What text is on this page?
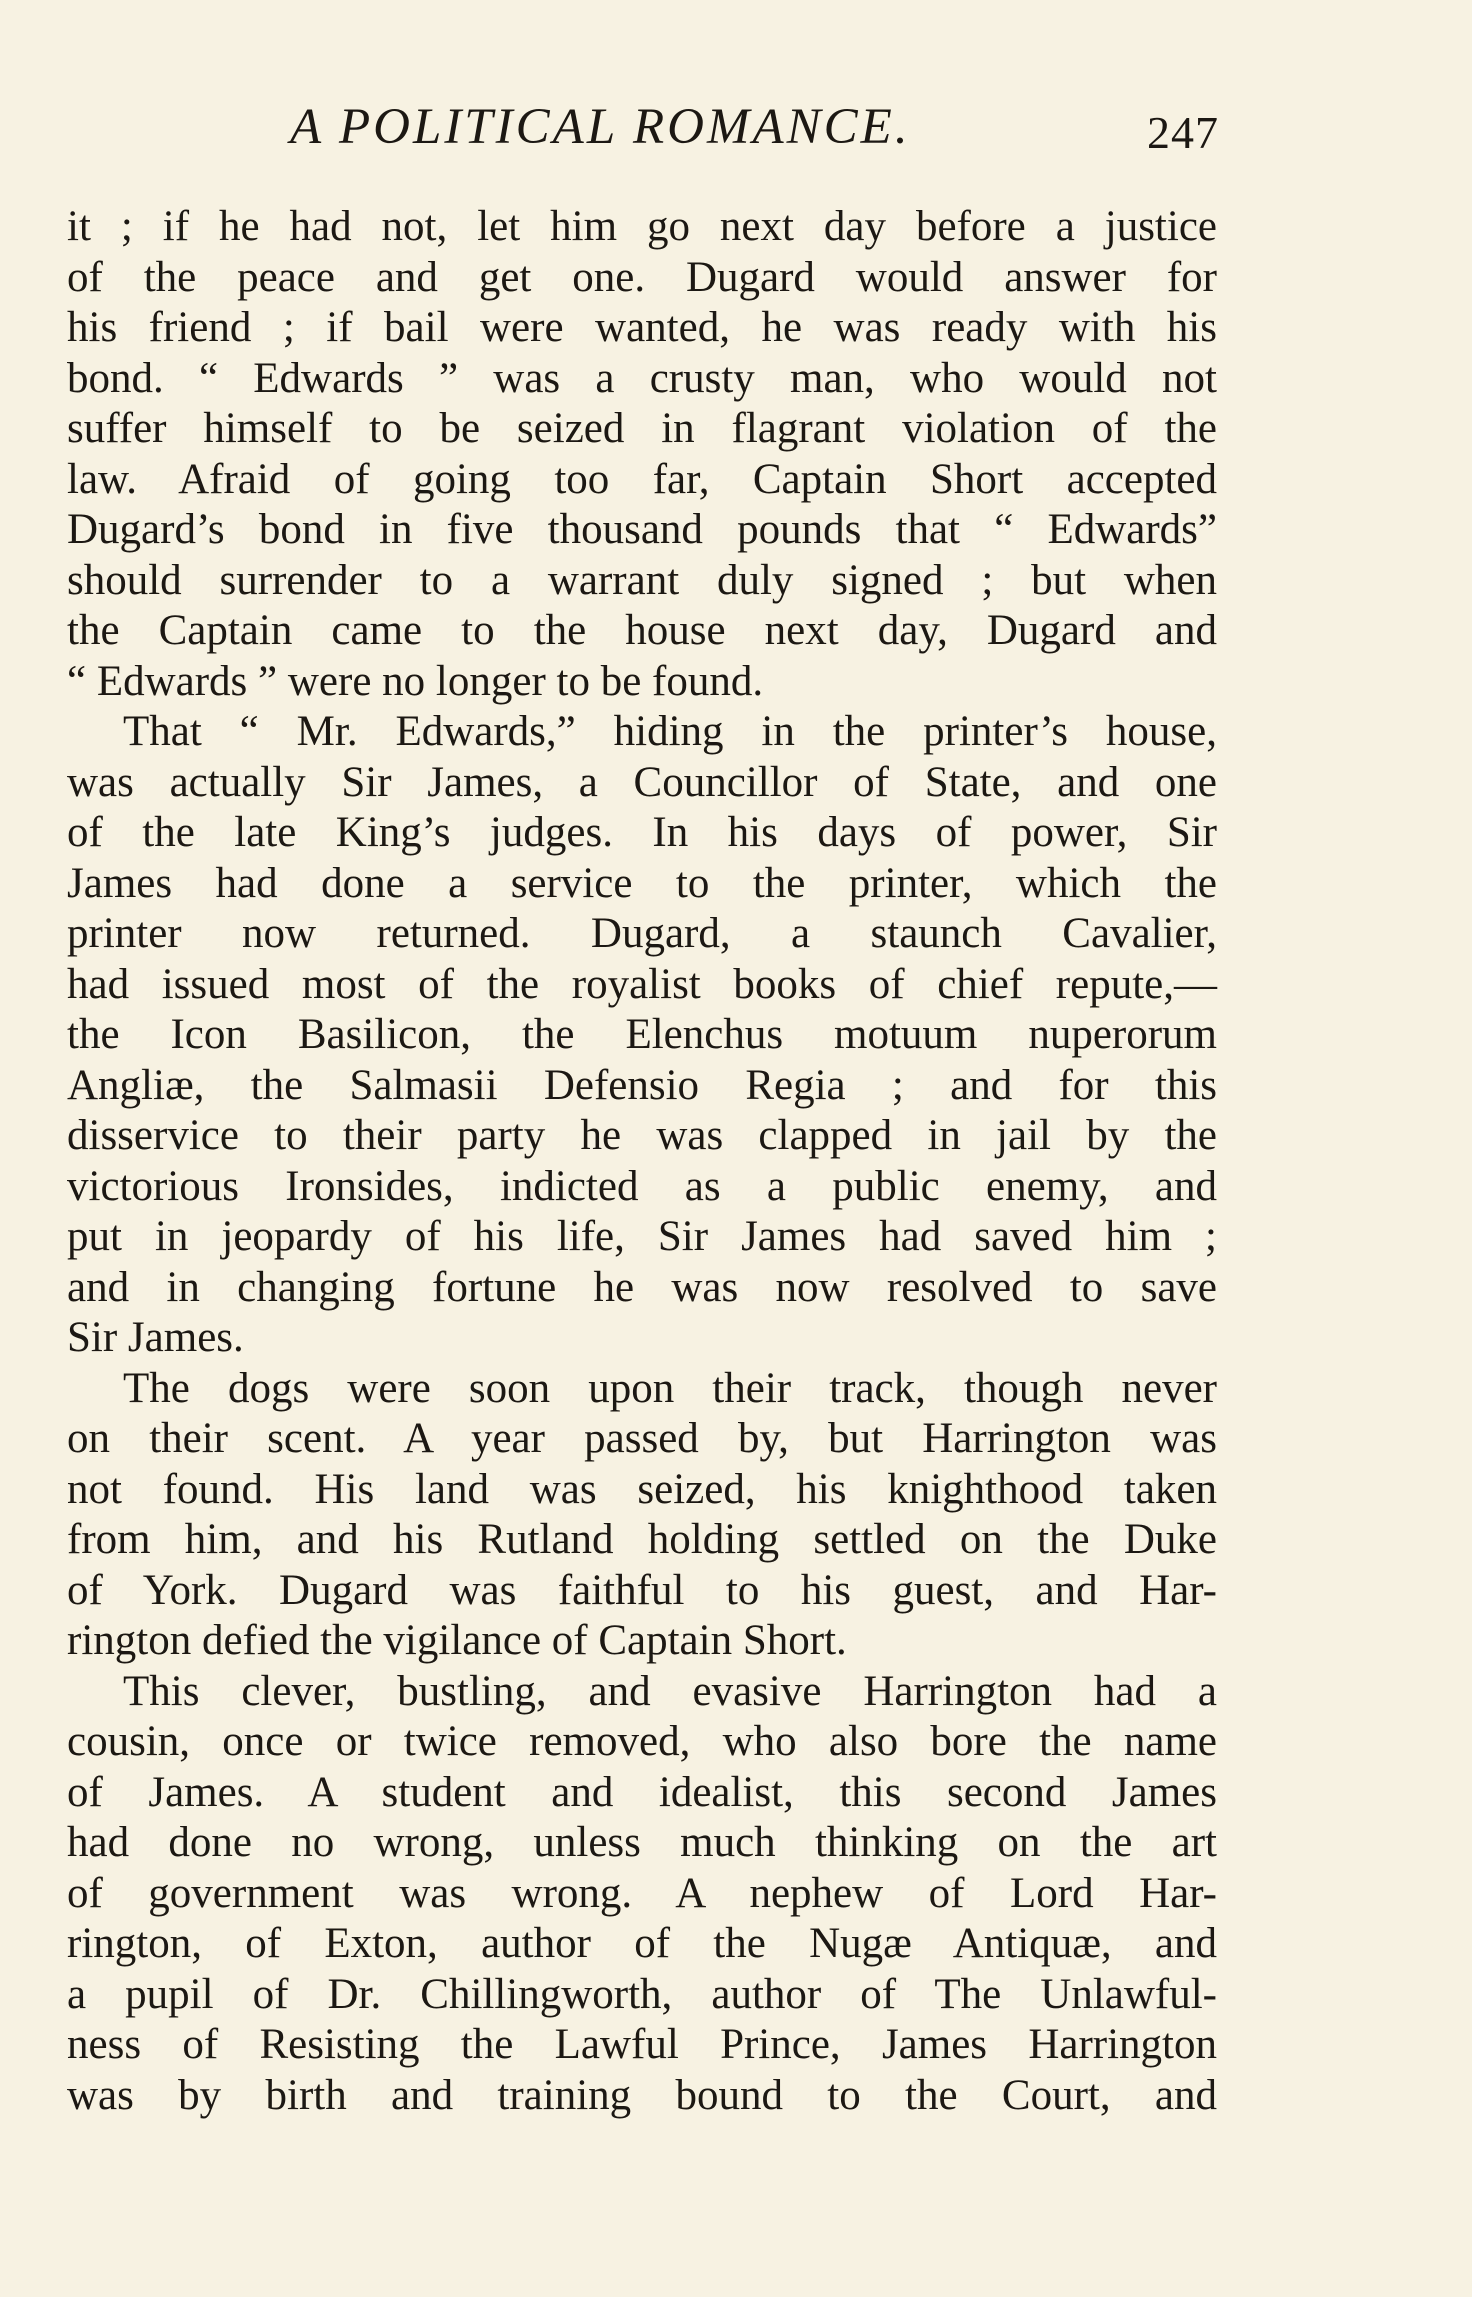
A POLITICAL ROMANCE.	247
it ; if he had not, let him go next day before a justice
of the peace and get one. Dugard would answer for
his friend ; if bail were wanted, he was ready with his
bond. “ Edwards ” was a crusty man, who would not
suffer himself to be seized in flagrant violation of the
law. Afraid of going too far, Captain Short accepted
Dugard’s bond in five thousand pounds that “ Edwards”
should surrender to a warrant duly signed ; but when
the Captain came to the house next day, Dugard and
“ Edwards ” were no longer to be found.
That “ Mr. Edwards,” hiding in the printer’s house,
was actually Sir James, a Councillor of State, and one
of the late King’s judges. In his days of power, Sir
James had done a service to the printer, which the
printer now returned. Dugard, a staunch Cavalier,
had issued most of the royalist books of chief repute,—
the Icon Basilicon, the Elenchus motuum nuperorum
Angliæ, the Salmasii Defensio Regia ; and for this
disservice to their party he was clapped in jail by the
victorious Ironsides, indicted as a public enemy, and
put in jeopardy of his life, Sir James had saved him ;
and in changing fortune he was now resolved to save
Sir James.
The dogs were soon upon their track, though never
on their scent. A year passed by, but Harrington was
not found. His land was seized, his knighthood taken
from him, and his Rutland holding settled on the Duke
of York. Dugard was faithful to his guest, and Har-
rington defied the vigilance of Captain Short.
This clever, bustling, and evasive Harrington had a
cousin, once or twice removed, who also bore the name
of James. A student and idealist, this second James
had done no wrong, unless much thinking on the art
of government was wrong. A nephew of Lord Har-
rington, of Exton, author of the Nugæ Antiquæ, and
a pupil of Dr. Chillingworth, author of The Unlawful-
ness of Resisting the Lawful Prince, James Harrington
was by birth and training bound to the Court, and
